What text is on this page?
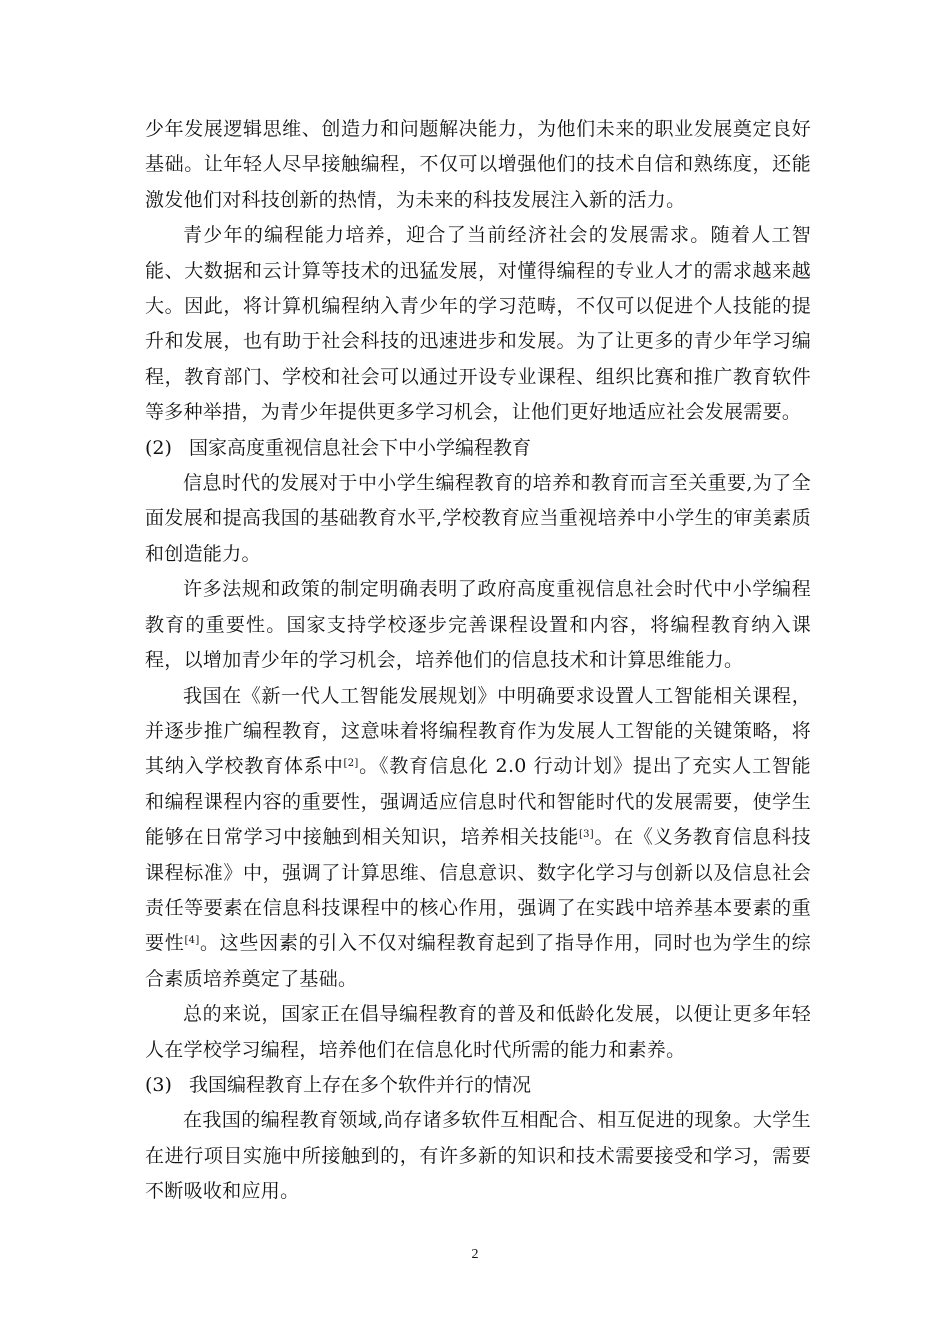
少年发展逻辑思维、创造力和问题解决能力，为他们未来的职业发展奠定良好基础。让年轻人尽早接触编程，不仅可以增强他们的技术自信和熟练度，还能激发他们对科技创新的热情，为未来的科技发展注入新的活力。

青少年的编程能力培养，迎合了当前经济社会的发展需求。随着人工智能、大数据和云计算等技术的迅猛发展，对懂得编程的专业人才的需求越来越大。因此，将计算机编程纳入青少年的学习范畴，不仅可以促进个人技能的提升和发展，也有助于社会科技的迅速进步和发展。为了让更多的青少年学习编程，教育部门、学校和社会可以通过开设专业课程、组织比赛和推广教育软件等多种举措，为青少年提供更多学习机会，让他们更好地适应社会发展需要。

(2) 国家高度重视信息社会下中小学编程教育

信息时代的发展对于中小学生编程教育的培养和教育而言至关重要,为了全面发展和提高我国的基础教育水平,学校教育应当重视培养中小学生的审美素质和创造能力。

许多法规和政策的制定明确表明了政府高度重视信息社会时代中小学编程教育的重要性。国家支持学校逐步完善课程设置和内容，将编程教育纳入课程，以增加青少年的学习机会，培养他们的信息技术和计算思维能力。

我国在《新一代人工智能发展规划》中明确要求设置人工智能相关课程，并逐步推广编程教育，这意味着将编程教育作为发展人工智能的关键策略，将其纳入学校教育体系中[2]。《教育信息化 2.0 行动计划》提出了充实人工智能和编程课程内容的重要性，强调适应信息时代和智能时代的发展需要，使学生能够在日常学习中接触到相关知识，培养相关技能[3]。在《义务教育信息科技课程标准》中，强调了计算思维、信息意识、数字化学习与创新以及信息社会责任等要素在信息科技课程中的核心作用，强调了在实践中培养基本要素的重要性[4]。这些因素的引入不仅对编程教育起到了指导作用，同时也为学生的综合素质培养奠定了基础。

总的来说，国家正在倡导编程教育的普及和低龄化发展，以便让更多年轻人在学校学习编程，培养他们在信息化时代所需的能力和素养。

(3) 我国编程教育上存在多个软件并行的情况

在我国的编程教育领域,尚存诸多软件互相配合、相互促进的现象。大学生在进行项目实施中所接触到的，有许多新的知识和技术需要接受和学习，需要不断吸收和应用。

2
